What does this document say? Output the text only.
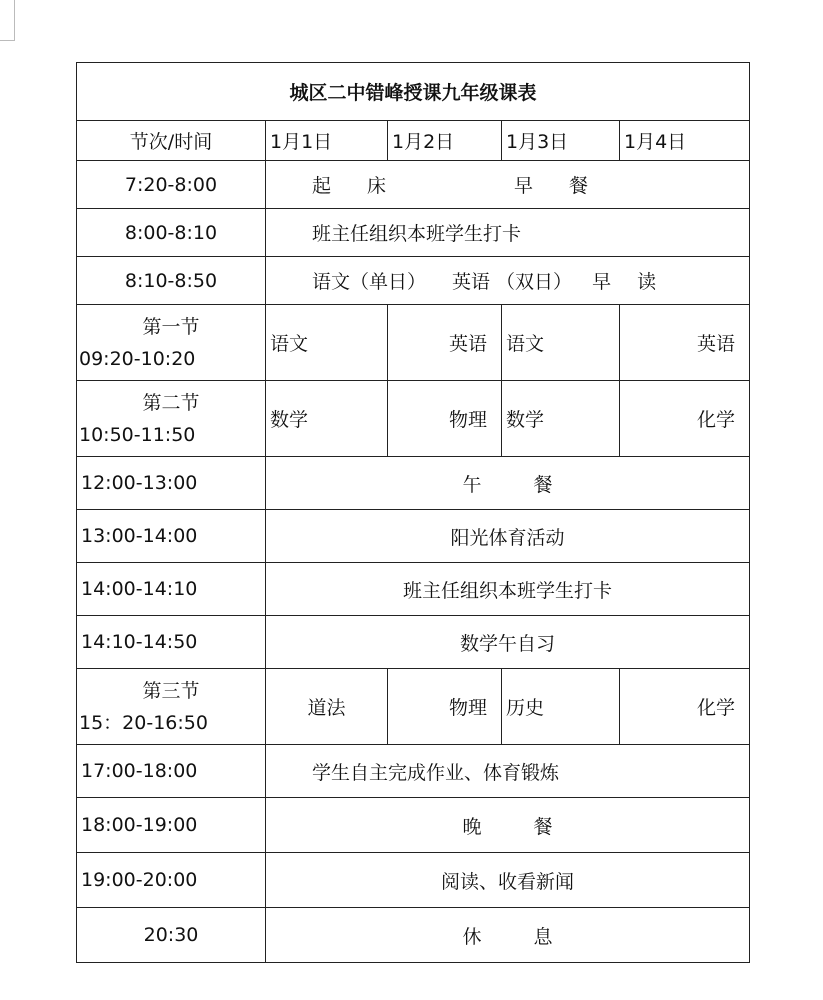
城区二中错峰授课九年级课表				
节次/时间	1月1日	1月2日	1月3日	1月4日
7:20-8:00	起 床 早 餐			
8:00-8:10	班主任组织本班学生打卡			
8:10-8:50	语文（单日） 英语 （双日） 早 读			

第一节
09:20-10:20	语文	英语	语文	英语

第二节
10:50-11:50	数学	物理	数学	化学
12:00-13:00	午 餐			
13:00-14:00	阳光体育活动			
14:00-14:10	班主任组织本班学生打卡			
14:10-14:50	数学午自习			

第三节
15：20-16:50	道法	物理	历史	化学
17:00-18:00	学生自主完成作业、体育锻炼			
18:00-19:00	晚 餐			
19:00-20:00	阅读、收看新闻			
20:30	休 息			
